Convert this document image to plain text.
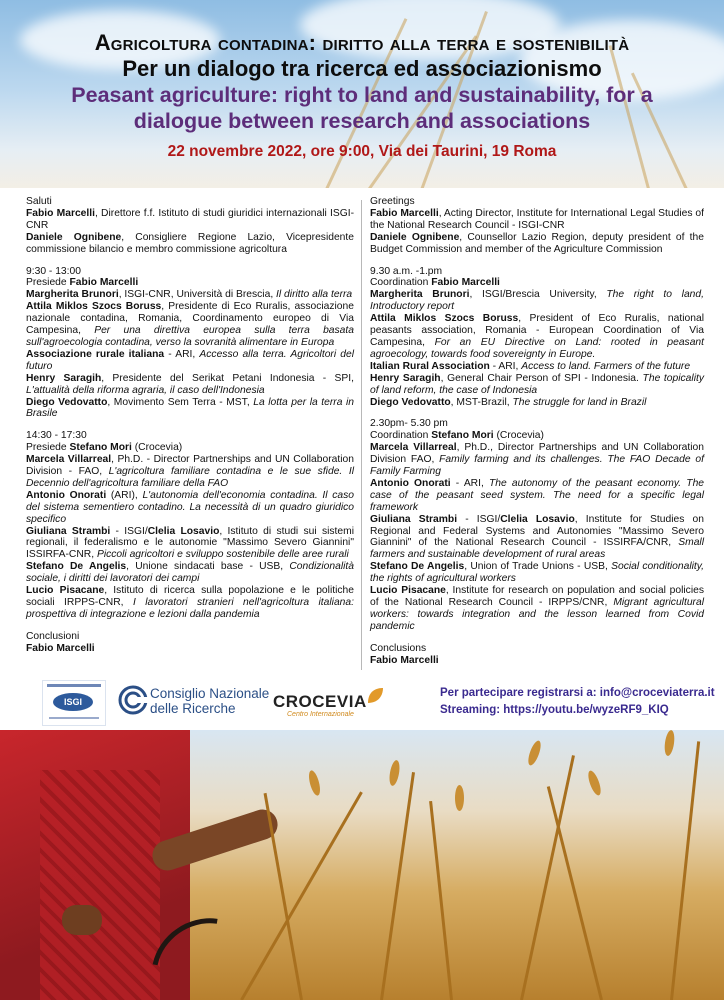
Agricoltura contadina: diritto alla terra e sostenibilità

Per un dialogo tra ricerca ed associazionismo

Peasant agriculture: right to land and sustainability, for a

dialogue between research and associations

22 novembre 2022, ore 9:00, Via dei Taurini, 19 Roma

Saluti

Fabio Marcelli, Direttore f.f. Istituto di studi giuridici internazionali ISGI-CNR

Daniele Ognibene, Consigliere Regione Lazio, Vicepresidente commissione bilancio e membro commissione agricoltura

9:30 - 13:00

Presiede Fabio Marcelli

Margherita Brunori, ISGI-CNR, Università di Brescia, Il diritto alla terra

Attila Miklos Szocs Boruss, Presidente di Eco Ruralis, associazione nazionale contadina, Romania, Coordinamento europeo di Via Campesina, Per una direttiva europea sulla terra basata sull'agroecologia contadina, verso la sovranità alimentare in Europa

Associazione rurale italiana - ARI, Accesso alla terra. Agricoltori del futuro

Henry Saragih, Presidente del Serikat Petani Indonesia - SPI, L'attualità della riforma agraria, il caso dell'Indonesia

Diego Vedovatto, Movimento Sem Terra - MST, La lotta per la terra in Brasile

14:30 - 17:30

Presiede Stefano Mori (Crocevia)

Marcela Villarreal, Ph.D. - Director Partnerships and UN Collaboration Division - FAO, L'agricoltura familiare contadina e le sue sfide. Il Decennio dell'agricoltura familiare della FAO

Antonio Onorati (ARI), L'autonomia dell'economia contadina. Il caso del sistema sementiero contadino. La necessità di un quadro giuridico specifico

Giuliana Strambi - ISGI/Clelia Losavio, Istituto di studi sui sistemi regionali, il federalismo e le autonomie "Massimo Severo Giannini" ISSIRFA-CNR, Piccoli agricoltori e sviluppo sostenibile delle aree rurali

Stefano De Angelis, Unione sindacati base - USB, Condizionalità sociale, i diritti dei lavoratori dei campi

Lucio Pisacane, Istituto di ricerca sulla popolazione e le politiche sociali IRPPS-CNR, I lavoratori stranieri nell'agricoltura italiana: prospettiva di integrazione e lezioni dalla pandemia

Conclusioni

Fabio Marcelli

Greetings

Fabio Marcelli, Acting Director, Institute for International Legal Studies of the National Research Council - ISGI-CNR

Daniele Ognibene, Counsellor Lazio Region, deputy president of the Budget Commission and member of the Agriculture Commission

9.30 a.m. -1.pm

Coordination Fabio Marcelli

Margherita Brunori, ISGI/Brescia University, The right to land, Introductory report

Attila Miklos Szocs Boruss, President of Eco Ruralis, national peasants association, Romania - European Coordination of Via Campesina, For an EU Directive on Land: rooted in peasant agroecology, towards food sovereignty in Europe.

Italian Rural Association - ARI, Access to land. Farmers of the future

Henry Saragih, General Chair Person of SPI - Indonesia. The topicality of land reform, the case of Indonesia

Diego Vedovatto, MST-Brazil, The struggle for land in Brazil

2.30pm- 5.30 pm

Coordination Stefano Mori (Crocevia)

Marcela Villarreal, Ph.D., Director Partnerships and UN Collaboration Division FAO, Family farming and its challenges. The FAO Decade of Family Farming

Antonio Onorati - ARI, The autonomy of the peasant economy. The case of the peasant seed system. The need for a specific legal framework

Giuliana Strambi - ISGI/Clelia Losavio, Institute for Studies on Regional and Federal Systems and Autonomies "Massimo Severo Giannini" of the National Research Council - ISSIRFA/CNR, Small farmers and sustainable development of rural areas

Stefano De Angelis, Union of Trade Unions - USB, Social conditionality, the rights of agricultural workers

Lucio Pisacane, Institute for research on population and social policies of the National Research Council - IRPPS/CNR, Migrant agricultural workers: towards integration and the lesson learned from Covid pandemic

Conclusions

Fabio Marcelli

ISGI
Consiglio Nazionale
delle Ricerche	CROCEVIA
Centro Internazionale
Per partecipare registrarsi a: info@croceviaterra.it
Streaming: https://youtu.be/wyzeRF9_KIQ
